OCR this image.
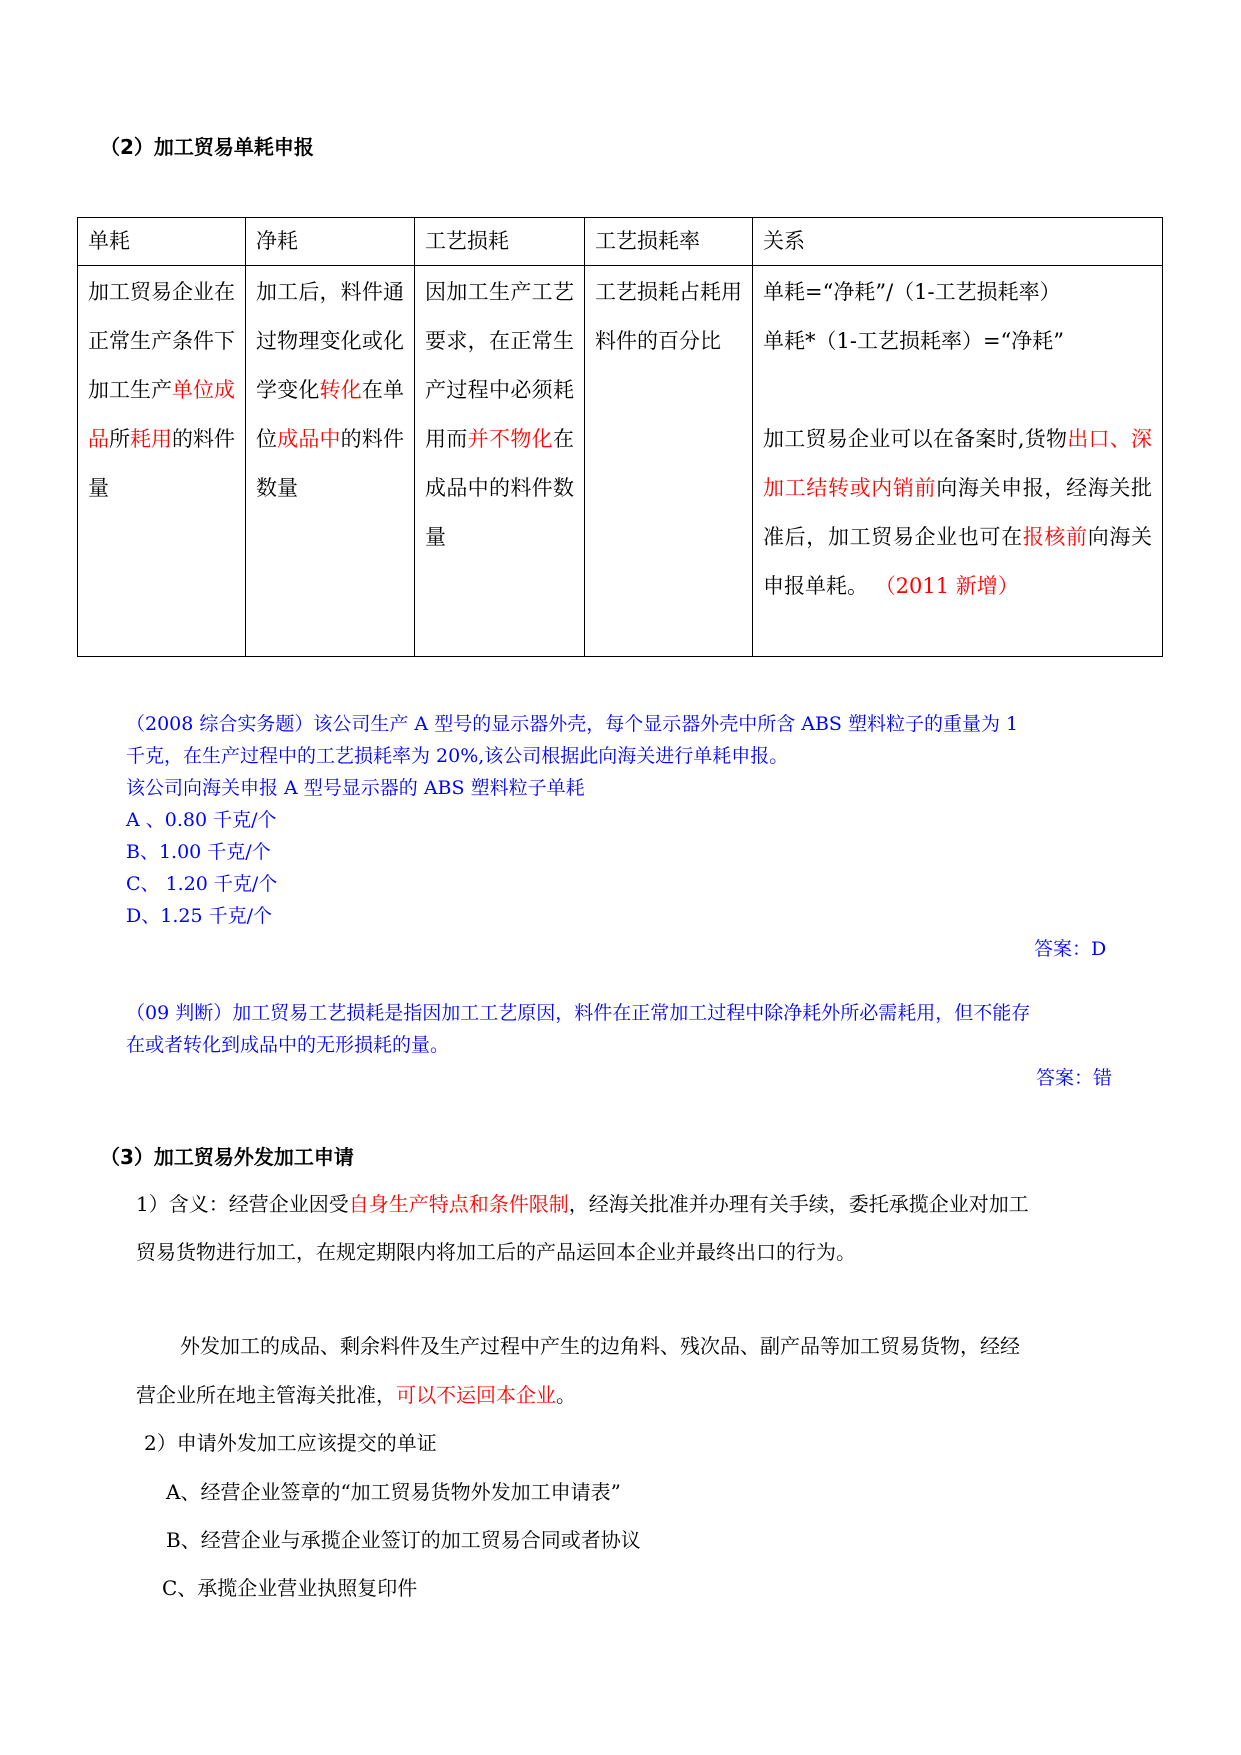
（2）加工贸易单耗申报
单耗	净耗	工艺损耗	工艺损耗率	关系

加工贸易企业在正常生产条件下加工生产单位成品所耗用的料件量	加工后，料件通过物理变化或化学变化转化在单位成品中的料件数量	因加工生产工艺要求，在正常生产过程中必须耗用而并不物化在成品中的料件数量	工艺损耗占耗用料件的百分比	单耗=“净耗”/（1-工艺损耗率）
单耗*（1-工艺损耗率）=“净耗”
加工贸易企业可以在备案时,货物出口、深加工结转或内销前向海关申报，经海关批准后，加工贸易企业也可在报核前向海关申报单耗。 （2011 新增）
（2008 综合实务题）该公司生产 A 型号的显示器外壳，每个显示器外壳中所含 ABS 塑料粒子的重量为 1
千克，在生产过程中的工艺损耗率为 20%,该公司根据此向海关进行单耗申报。
该公司向海关申报 A 型号显示器的 ABS 塑料粒子单耗
A 、0.80 千克/个
B、1.00 千克/个
C、 1.20 千克/个
D、1.25 千克/个
答案：D
（09 判断）加工贸易工艺损耗是指因加工工艺原因，料件在正常加工过程中除净耗外所必需耗用，但不能存
在或者转化到成品中的无形损耗的量。
答案：错
（3）加工贸易外发加工申请
1）含义：经营企业因受自身生产特点和条件限制，经海关批准并办理有关手续，委托承揽企业对加工
贸易货物进行加工，在规定期限内将加工后的产品运回本企业并最终出口的行为。
外发加工的成品、剩余料件及生产过程中产生的边角料、残次品、副产品等加工贸易货物，经经
营企业所在地主管海关批准，可以不运回本企业。
2）申请外发加工应该提交的单证
A、经营企业签章的“加工贸易货物外发加工申请表”
B、经营企业与承揽企业签订的加工贸易合同或者协议
C、承揽企业营业执照复印件
